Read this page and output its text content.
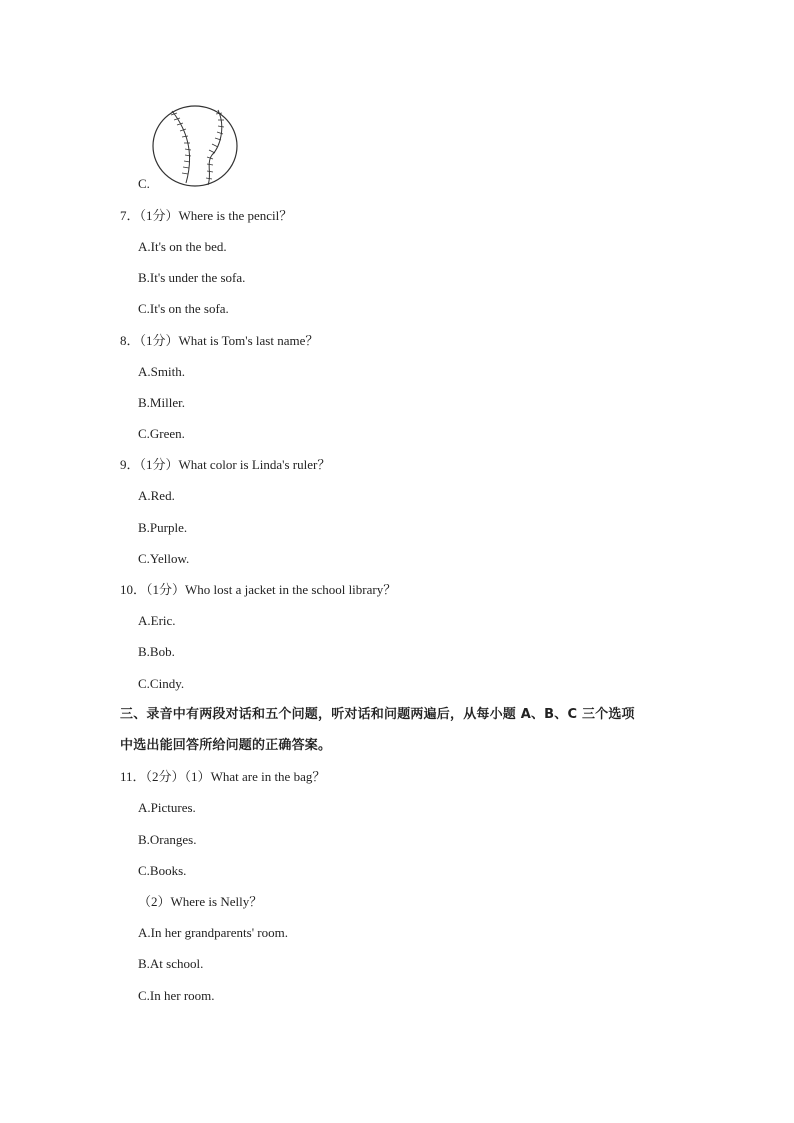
C.
7．（1分）Where is the pencil？
A.It's on the bed.
B.It's under the sofa.
C.It's on the sofa.
8．（1分）What is Tom's last name？
A.Smith.
B.Miller.
C.Green.
9．（1分）What color is Linda's ruler？
A.Red.
B.Purple.
C.Yellow.
10．（1分）Who lost a jacket in the school library？
A.Eric.
B.Bob.
C.Cindy.
三、录音中有两段对话和五个问题，听对话和问题两遍后，从每小题 A、B、C 三个选项
中选出能回答所给问题的正确答案。
11．（2分）（1）What are in the bag？
A.Pictures.
B.Oranges.
C.Books.
（2）Where is Nelly？
A.In her grandparents' room.
B.At school.
C.In her room.
